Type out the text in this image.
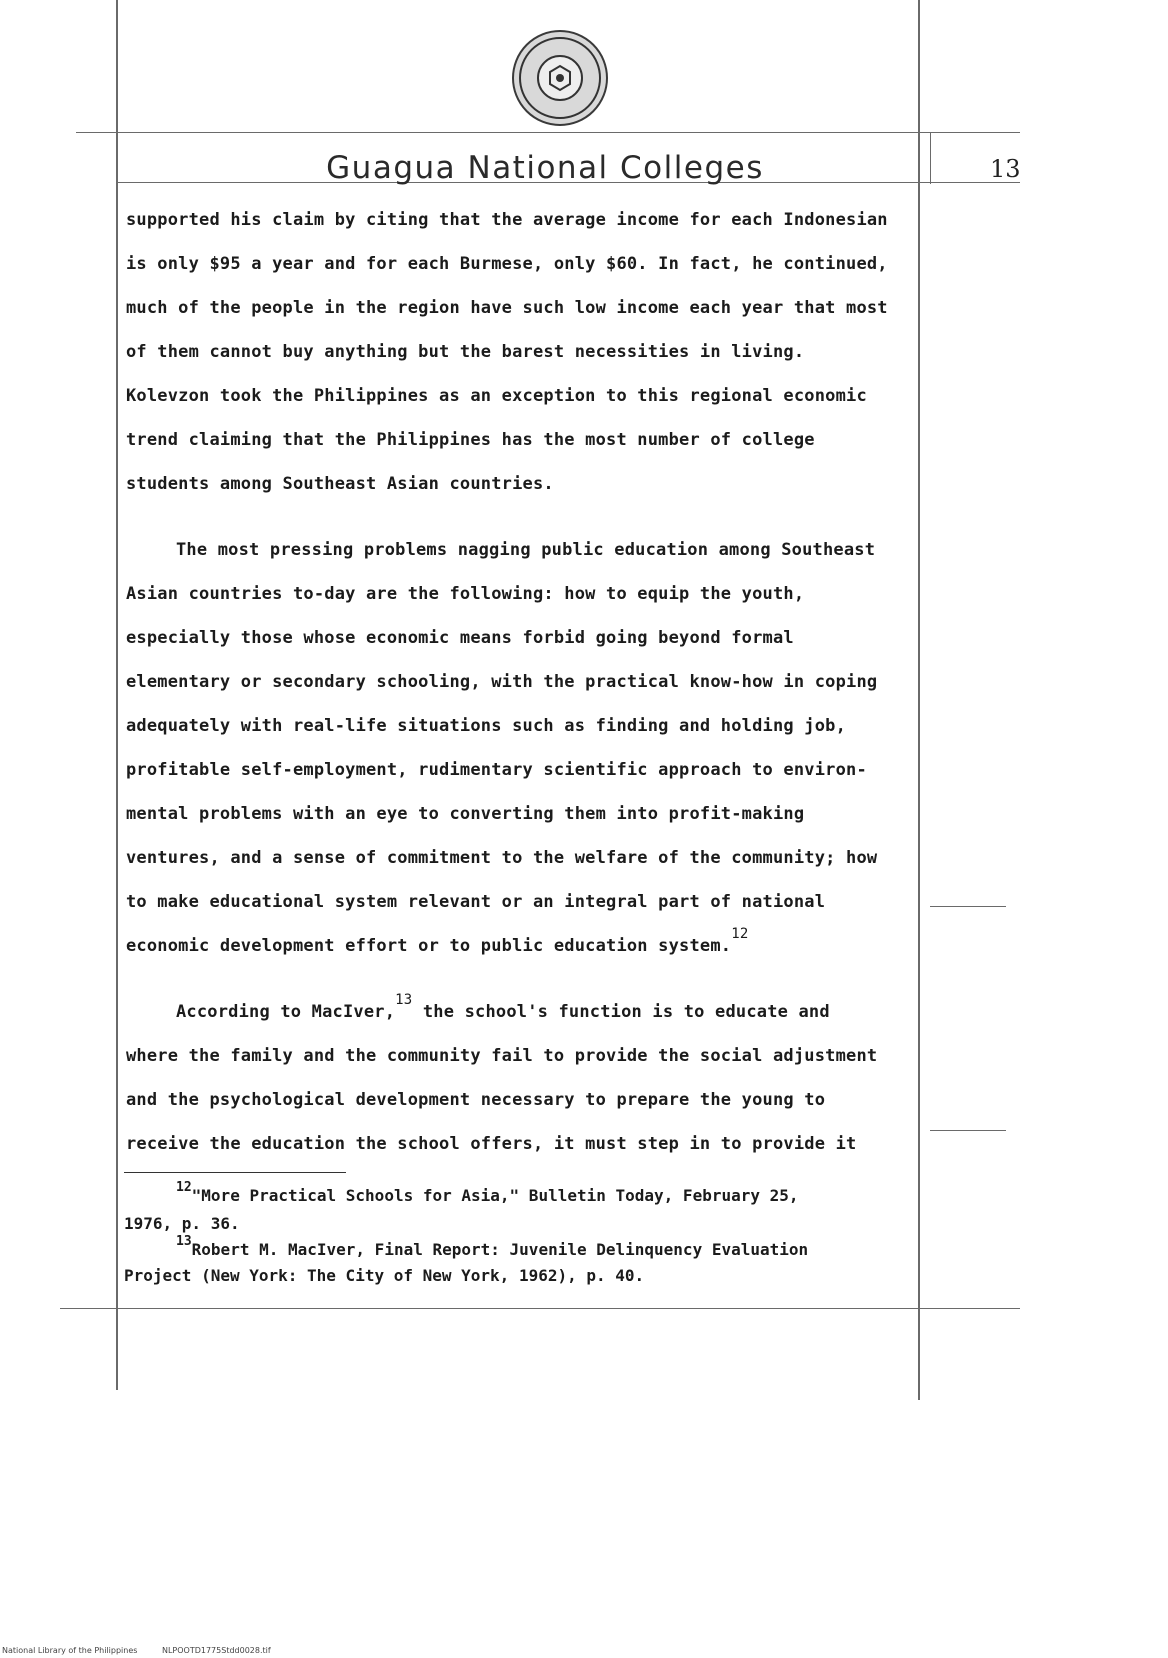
Guagua National Colleges	13
supported his claim by citing that the average income for each Indonesian
is only $95 a year and for each Burmese, only $60. In fact, he continued,
much of the people in the region have such low income each year that most
of them cannot buy anything but the barest necessities in living.
Kolevzon took the Philippines as an exception to this regional economic
trend claiming that the Philippines has the most number of college
students among Southeast Asian countries.
The most pressing problems nagging public education among Southeast
Asian countries to-day are the following: how to equip the youth,
especially those whose economic means forbid going beyond formal
elementary or secondary schooling, with the practical know-how in coping
adequately with real-life situations such as finding and holding job,
profitable self-employment, rudimentary scientific approach to environ-
mental problems with an eye to converting them into profit-making
ventures, and a sense of commitment to the welfare of the community; how
to make educational system relevant or an integral part of national
economic development effort or to public education system.$^{12}$
According to MacIver,$^{13}$ the school's function is to educate and
where the family and the community fail to provide the social adjustment
and the psychological development necessary to prepare the young to
receive the education the school offers, it must step in to provide it
$^{12}$"More Practical Schools for Asia," Bulletin Today, February 25,
1976, p. 36.
$^{13}$Robert M. MacIver, Final Report: Juvenile Delinquency Evaluation
Project (New York: The City of New York, 1962), p. 40.
National Library of the Philippines	NLPOOTD1775Stdd0028.tif
